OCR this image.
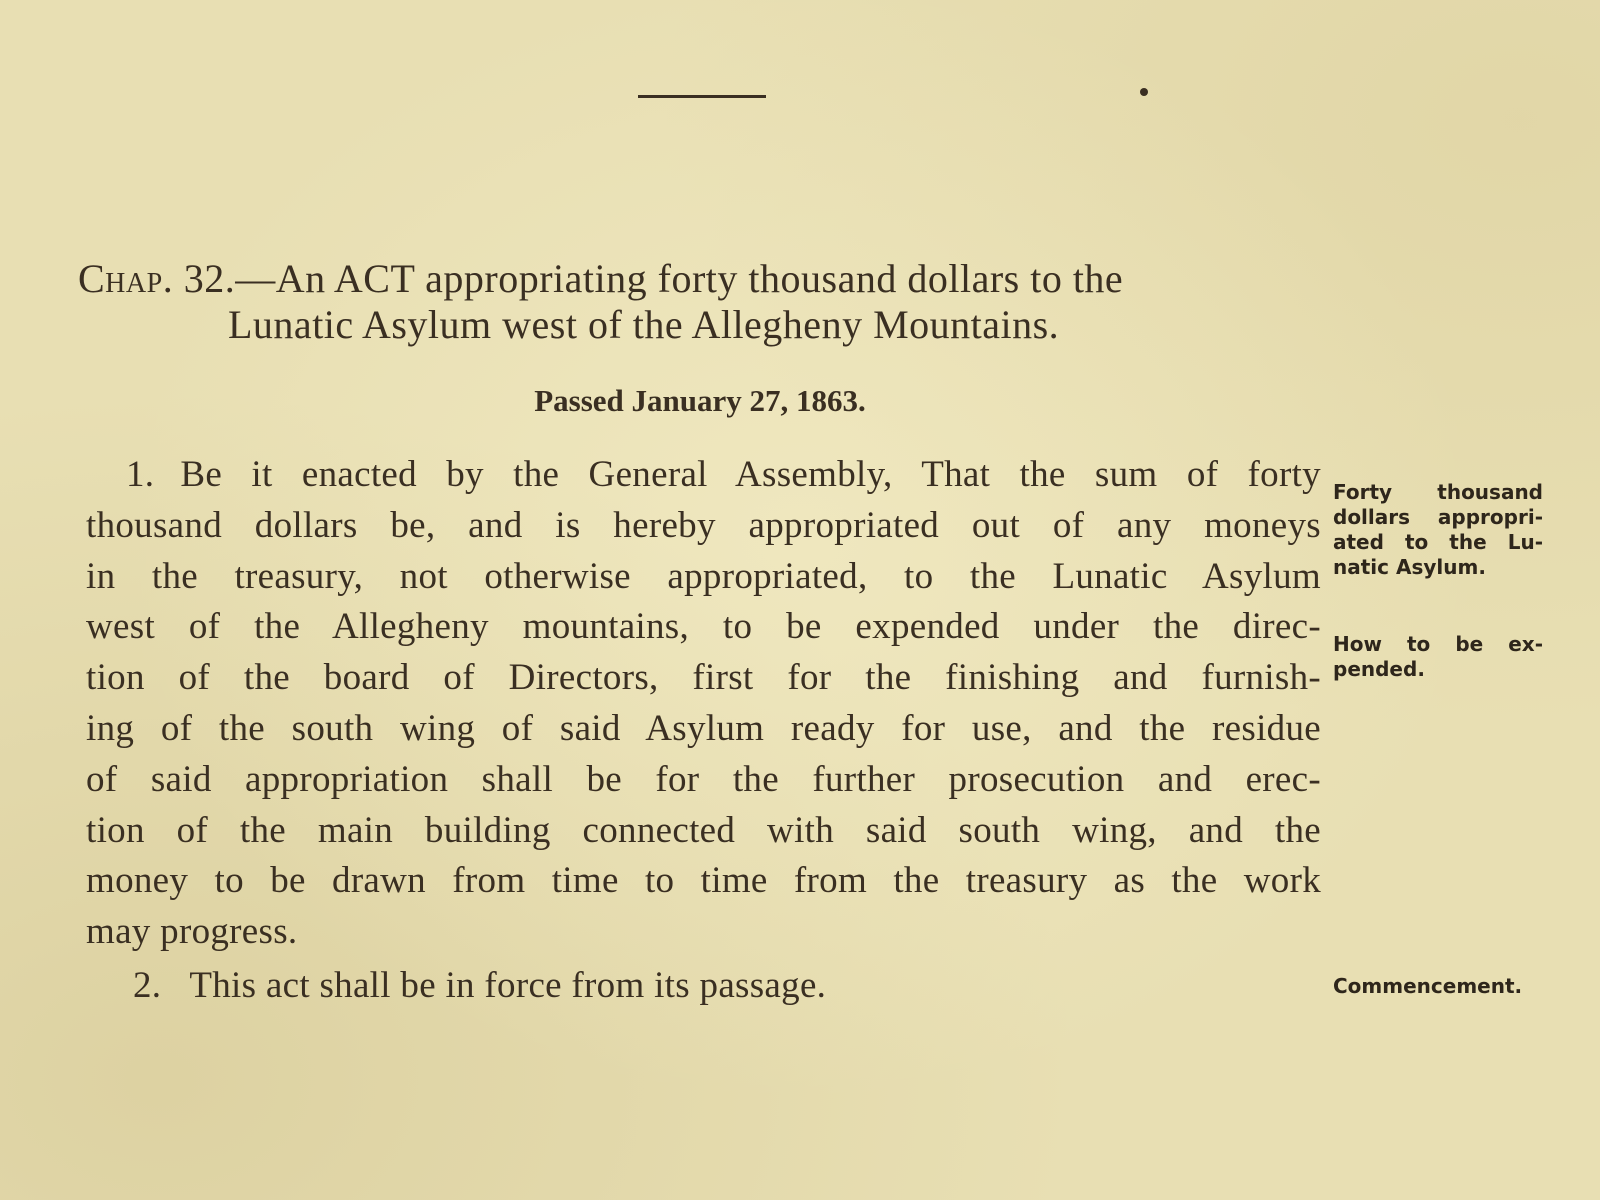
Chap. 32.—An ACT appropriating forty thousand dollars to the
Lunatic Asylum west of the Allegheny Mountains.
Passed January 27, 1863.
1. Be it enacted by the General Assembly, That the sum of forty
thousand dollars be, and is hereby appropriated out of any moneys
in the treasury, not otherwise appropriated, to the Lunatic Asylum
west of the Allegheny mountains, to be expended under the direc-
tion of the board of Directors, first for the finishing and furnish-
ing of the south wing of said Asylum ready for use, and the residue
of said appropriation shall be for the further prosecution and erec-
tion of the main building connected with said south wing, and the
money to be drawn from time to time from the treasury as the work
may progress.
2. This act shall be in force from its passage.
Forty thousand
dollars appropri-
ated to the Lu-
natic Asylum.
How to be ex-
pended.
Commencement.
